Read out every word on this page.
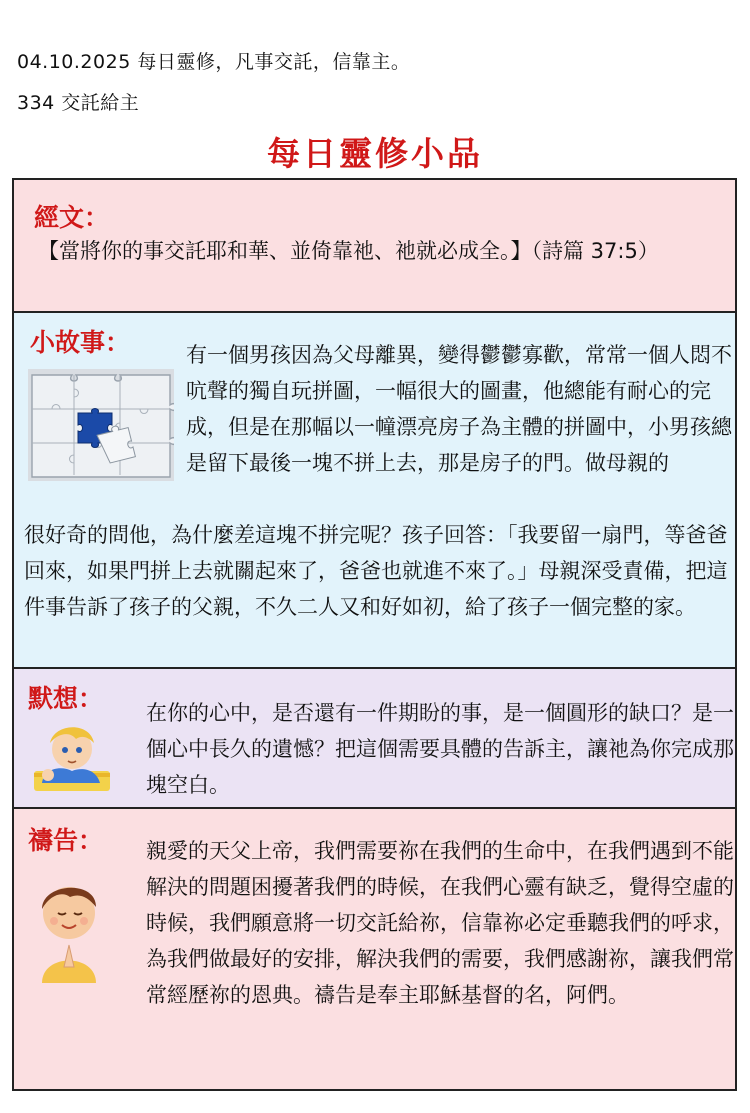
04.10.2025 每日靈修，凡事交託，信靠主。
334 交託給主
每日靈修小品
經文：
【當將你的事交託耶和華、並倚靠祂、祂就必成全。】（詩篇 37:5）
小故事：	有一個男孩因為父母離異，變得鬱鬱寡歡，常常一個人悶不吭聲的獨自玩拼圖，一幅很大的圖畫，他總能有耐心的完成，但是在那幅以一幢漂亮房子為主體的拼圖中，小男孩總是留下最後一塊不拼上去，那是房子的門。做母親的
很好奇的問他，為什麼差這塊不拼完呢？孩子回答：「我要留一扇門，等爸爸回來，如果門拼上去就關起來了，爸爸也就進不來了。」母親深受責備，把這件事告訴了孩子的父親，不久二人又和好如初，給了孩子一個完整的家。
默想： 在你的心中，是否還有一件期盼的事，是一個圓形的缺口？是一個心中長久的遺憾？把這個需要具體的告訴主，讓祂為你完成那塊空白。
禱告： 親愛的天父上帝，我們需要祢在我們的生命中，在我們遇到不能解決的問題困擾著我們的時候，在我們心靈有缺乏，覺得空虛的時候，我們願意將一切交託給祢，信靠祢必定垂聽我們的呼求，為我們做最好的安排，解決我們的需要，我們感謝祢，讓我們常常經歷祢的恩典。禱告是奉主耶穌基督的名，阿們。
